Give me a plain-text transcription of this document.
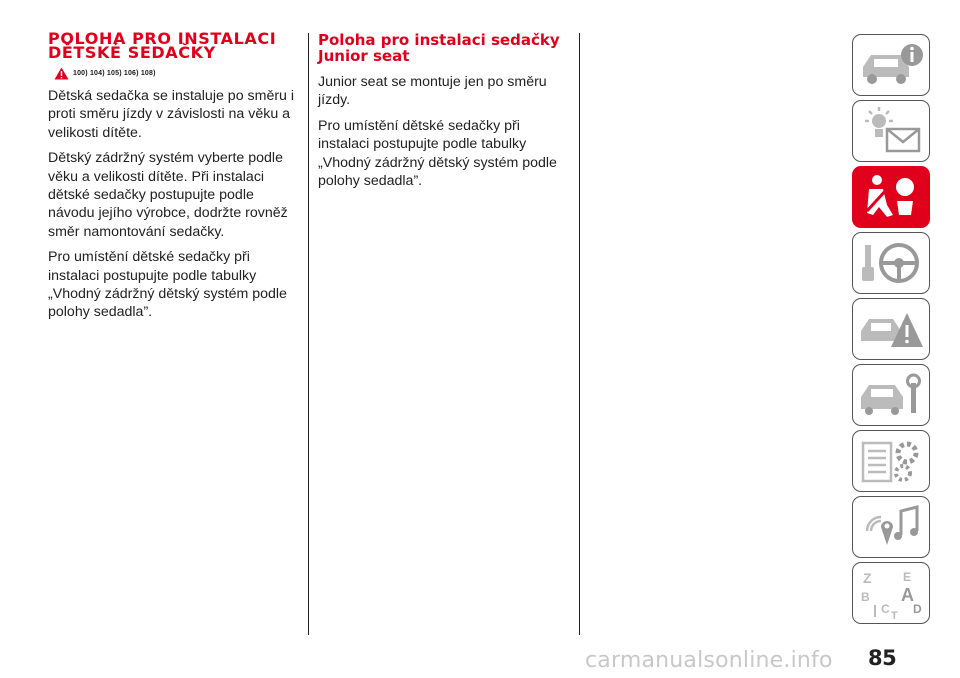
POLOHA PRO INSTALACI DĚTSKÉ SEDAČKY
100) 104) 105) 106) 108)

Dětská sedačka se instaluje po směru i proti směru jízdy v závislosti na věku a velikosti dítěte.

Dětský zádržný systém vyberte podle věku a velikosti dítěte. Při instalaci dětské sedačky postupujte podle návodu jejího výrobce, dodržte rovněž směr namontování sedačky.

Pro umístění dětské sedačky při instalaci postupujte podle tabulky „Vhodný zádržný dětský systém podle polohy sedadla”.

Poloha pro instalaci sedačky Junior seat

Junior seat se montuje jen po směru jízdy.

Pro umístění dětské sedačky při instalaci postupujte podle tabulky „Vhodný zádržný dětský systém podle polohy sedadla”.

Z	E
B A
C D
T
carmanualsonline.info 85
